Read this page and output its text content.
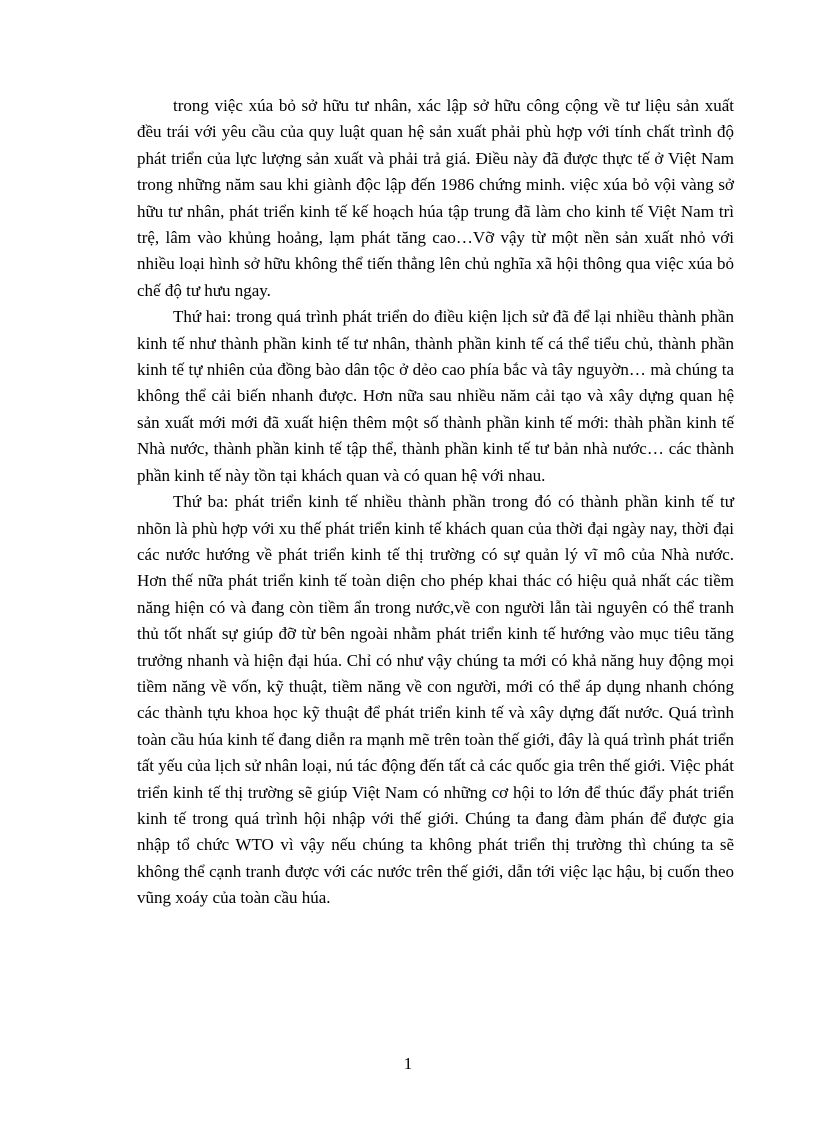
trong việc xúa bỏ sở hữu tư nhân, xác lập sở hữu công cộng về tư liệu sản xuất đều trái với yêu cầu của quy luật quan hệ sản xuất phải phù hợp với tính chất trình độ phát triển của lực lượng sản xuất và phải trả giá. Điều này đã được thực tế ở Việt Nam trong những năm sau khi giành độc lập đến 1986 chứng minh. việc xúa bỏ vội vàng sở hữu tư nhân, phát triển kinh tế kế hoạch húa tập trung đã làm cho kinh tế Việt Nam trì trệ, lâm vào khủng hoảng, lạm phát tăng cao…Vỡ vậy từ một nền sản xuất nhỏ với nhiều loại hình sở hữu không thể tiến thẳng lên chủ nghĩa xã hội thông qua việc xúa bỏ chế độ tư hưu ngay.

Thứ hai: trong quá trình phát triển do điều kiện lịch sử đã để lại nhiều thành phần kinh tế như thành phần kinh tế tư nhân, thành phần kinh tế cá thể tiểu chủ, thành phần kinh tế tự nhiên của đồng bào dân tộc ở dẻo cao phía bắc và tây nguyờn… mà chúng ta không thể cải biến nhanh được. Hơn nữa sau nhiều năm cải tạo và xây dựng quan hệ sản xuất mới mới đã xuất hiện thêm một số thành phần kinh tế mới: thàh phần kinh tế Nhà nước, thành phần kinh tế tập thể, thành phần kinh tế tư bản nhà nước… các thành phần kinh tế này tồn tại khách quan và có quan hệ với nhau.

Thứ ba: phát triển kinh tế nhiều thành phần trong đó có thành phần kinh tế tư nhõn là phù hợp với xu thế phát triển kinh tế khách quan của thời đại ngày nay, thời đại các nước hướng về phát triển kinh tế thị trường có sự quản lý vĩ mô của Nhà nước. Hơn thế nữa phát triển kinh tế toàn diện cho phép khai thác có hiệu quả nhất các tiềm năng hiện có và đang còn tiềm ẩn trong nước,về con người lẫn tài nguyên có thể tranh thủ tốt nhất sự giúp đỡ từ bên ngoài nhằm phát triển kinh tế hướng vào mục tiêu tăng trưởng nhanh và hiện đại húa. Chỉ có như vậy chúng ta mới có khả năng huy động mọi tiềm năng về vốn, kỹ thuật, tiềm năng về con người, mới có thể áp dụng nhanh chóng các thành tựu khoa học kỹ thuật để phát triển kinh tế và xây dựng đất nước. Quá trình toàn cầu húa kinh tế đang diễn ra mạnh mẽ trên toàn thế giới, đây là quá trình phát triển tất yếu của lịch sử nhân loại, nú tác động đến tất cả các quốc gia trên thế giới. Việc phát triển kinh tế thị trường sẽ giúp Việt Nam có những cơ hội to lớn để thúc đẩy phát triển kinh tế trong quá trình hội nhập với thế giới. Chúng ta đang đàm phán để được gia nhập tổ chức WTO vì vậy nếu chúng ta không phát triển thị trường thì chúng ta sẽ không thể cạnh tranh được với các nước trên thế giới, dẫn tới việc lạc hậu, bị cuốn theo vũng xoáy của toàn cầu húa.

1
